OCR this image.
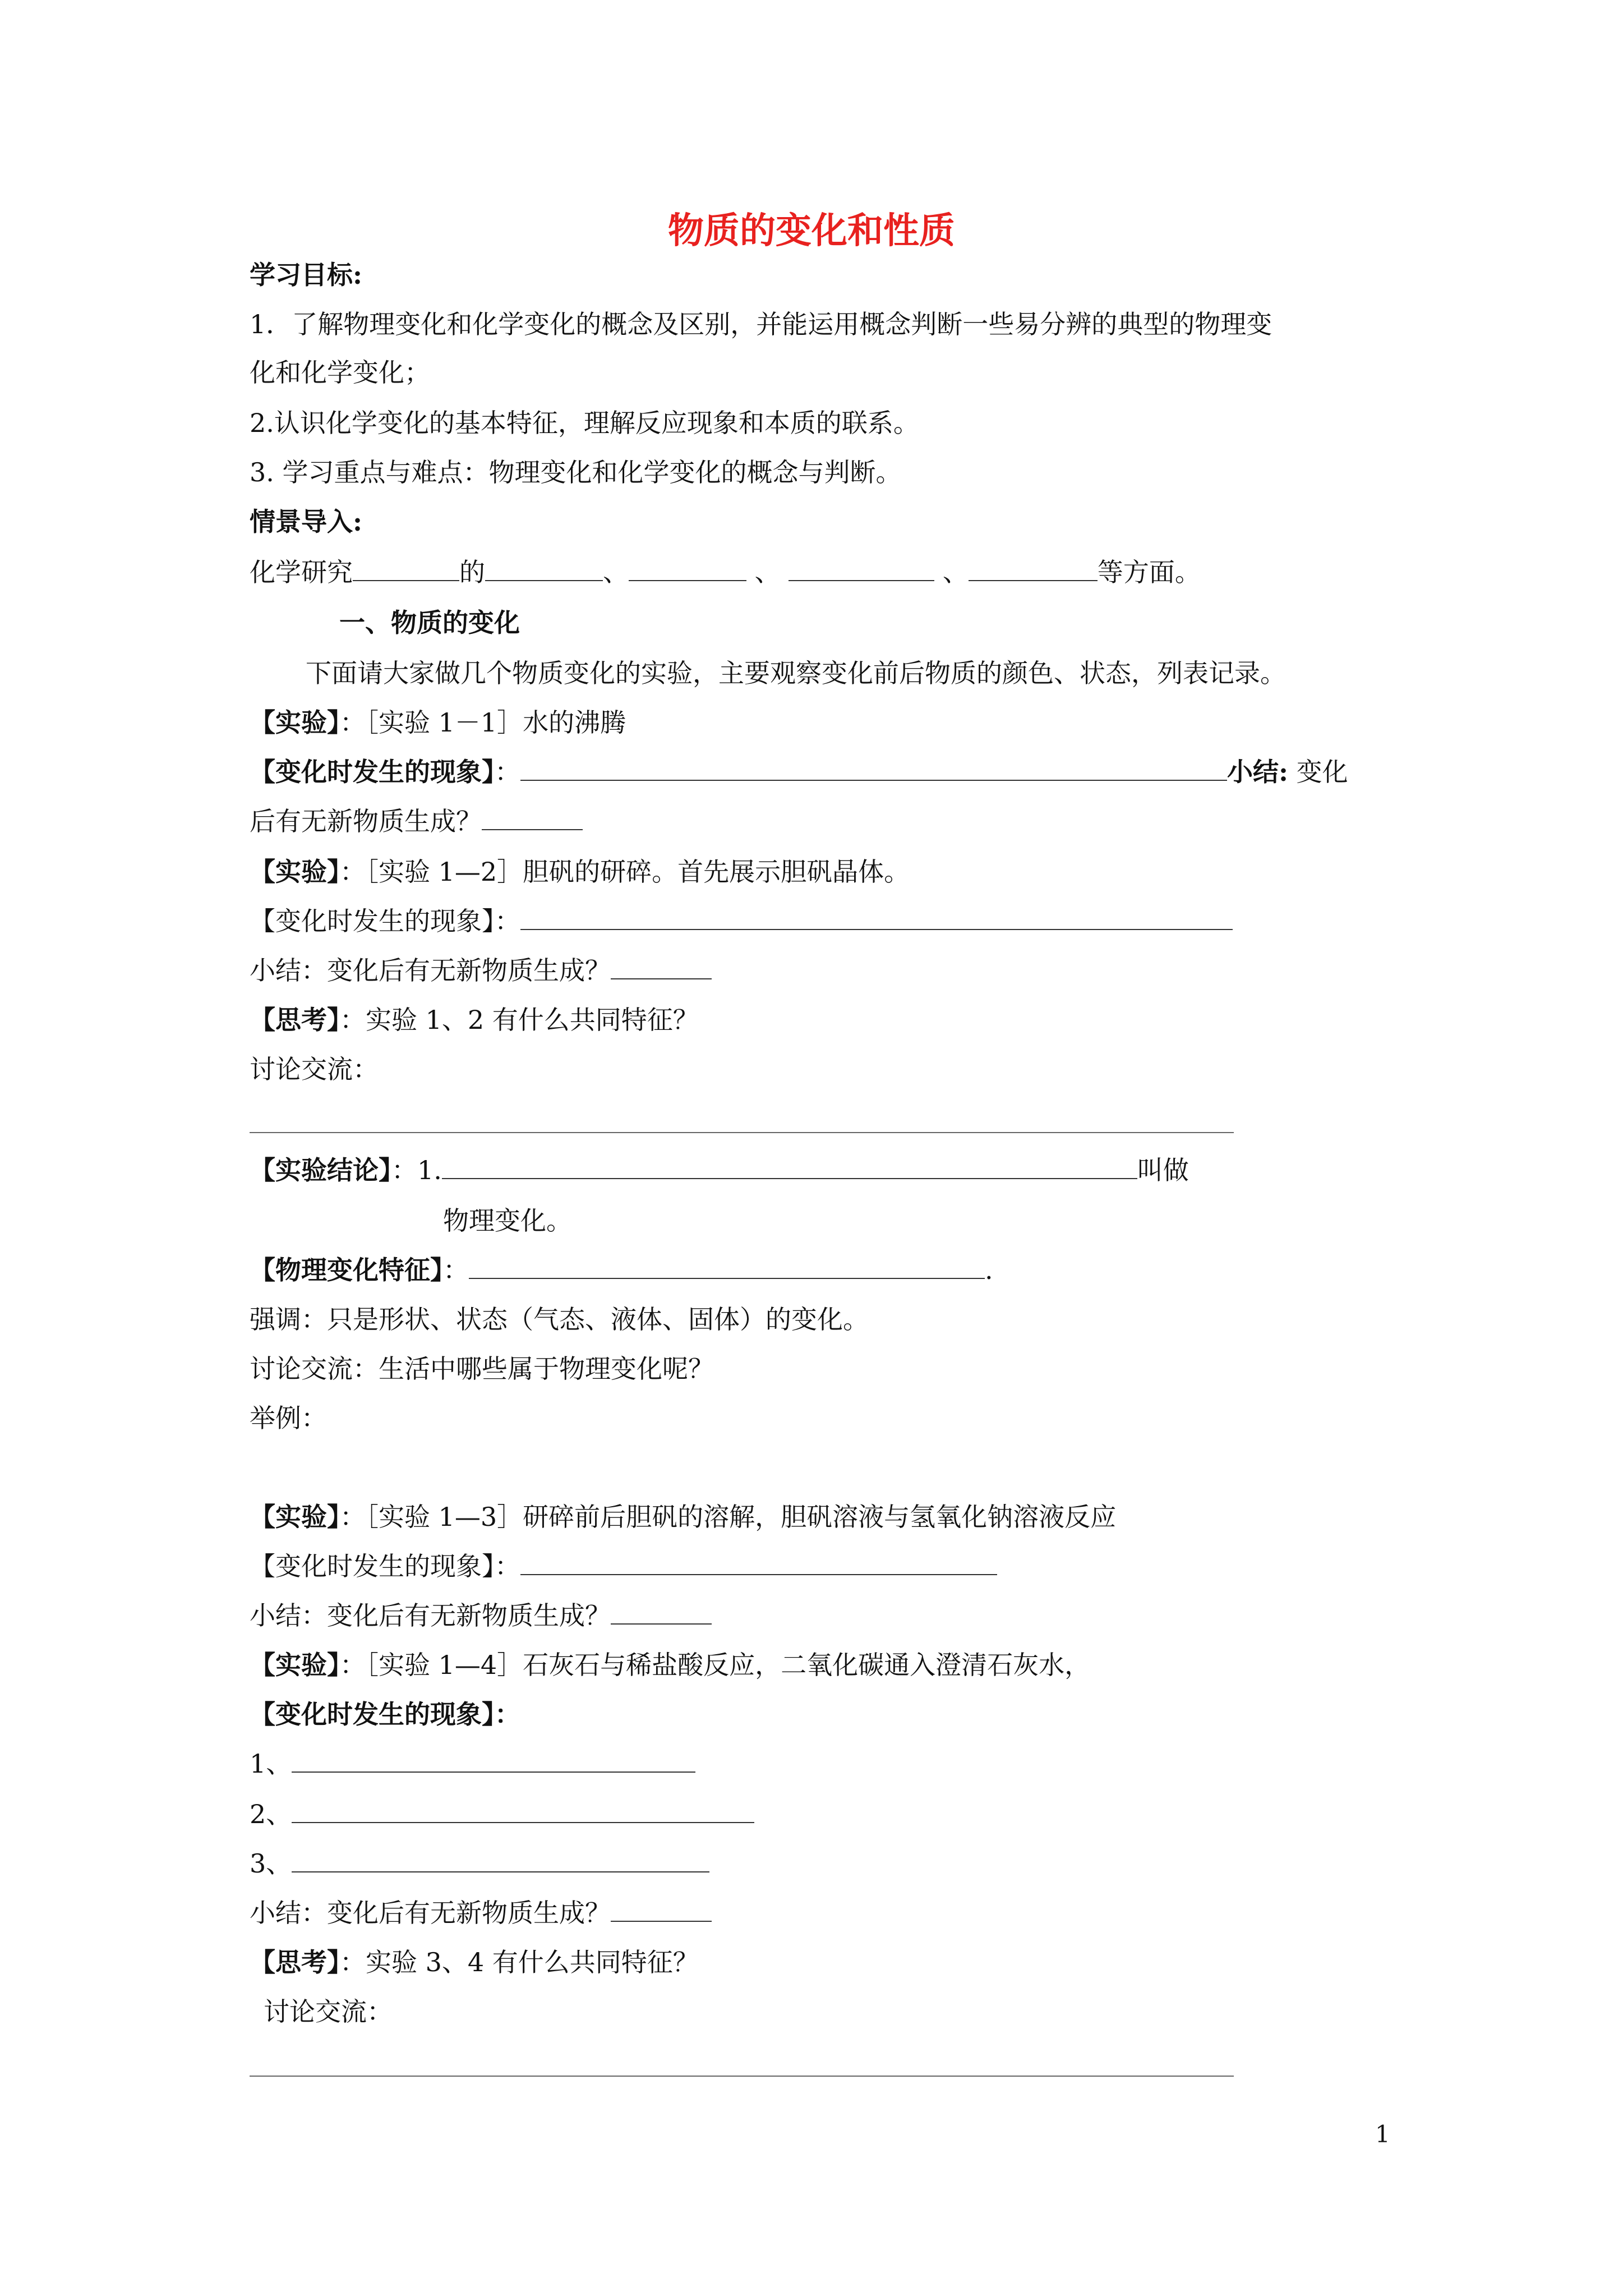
物质的变化和性质
学习目标:
1．了解物理变化和化学变化的概念及区别，并能运用概念判断一些易分辨的典型的物理变
化和化学变化；
2.认识化学变化的基本特征，理解反应现象和本质的联系。
3. 学习重点与难点：物理变化和化学变化的概念与判断。
情景导入:
化学研究	的	、	、	、	等方面。
一、物质的变化
下面请大家做几个物质变化的实验，主要观察变化前后物质的颜色、状态，列表记录。
【实验】：［实验 1－1］水的沸腾
【变化时发生的现象】：	小结: 变化
后有无新物质生成？
【实验】：［实验 1—2］胆矾的研碎。首先展示胆矾晶体。
【变化时发生的现象】：
小结：变化后有无新物质生成？
【思考】：实验 1、2 有什么共同特征？
讨论交流：
【实验结论】：1.	叫做
物理变化。
【物理变化特征】：	.
强调：只是形状、状态（气态、液体、固体）的变化。
讨论交流：生活中哪些属于物理变化呢？
举例：
【实验】：［实验 1—3］研碎前后胆矾的溶解，胆矾溶液与氢氧化钠溶液反应
【变化时发生的现象】：
小结：变化后有无新物质生成？
【实验】：［实验 1—4］石灰石与稀盐酸反应，二氧化碳通入澄清石灰水，
【变化时发生的现象】：
1、
2、
3、
小结：变化后有无新物质生成？
【思考】：实验 3、4 有什么共同特征？
讨论交流：
1
